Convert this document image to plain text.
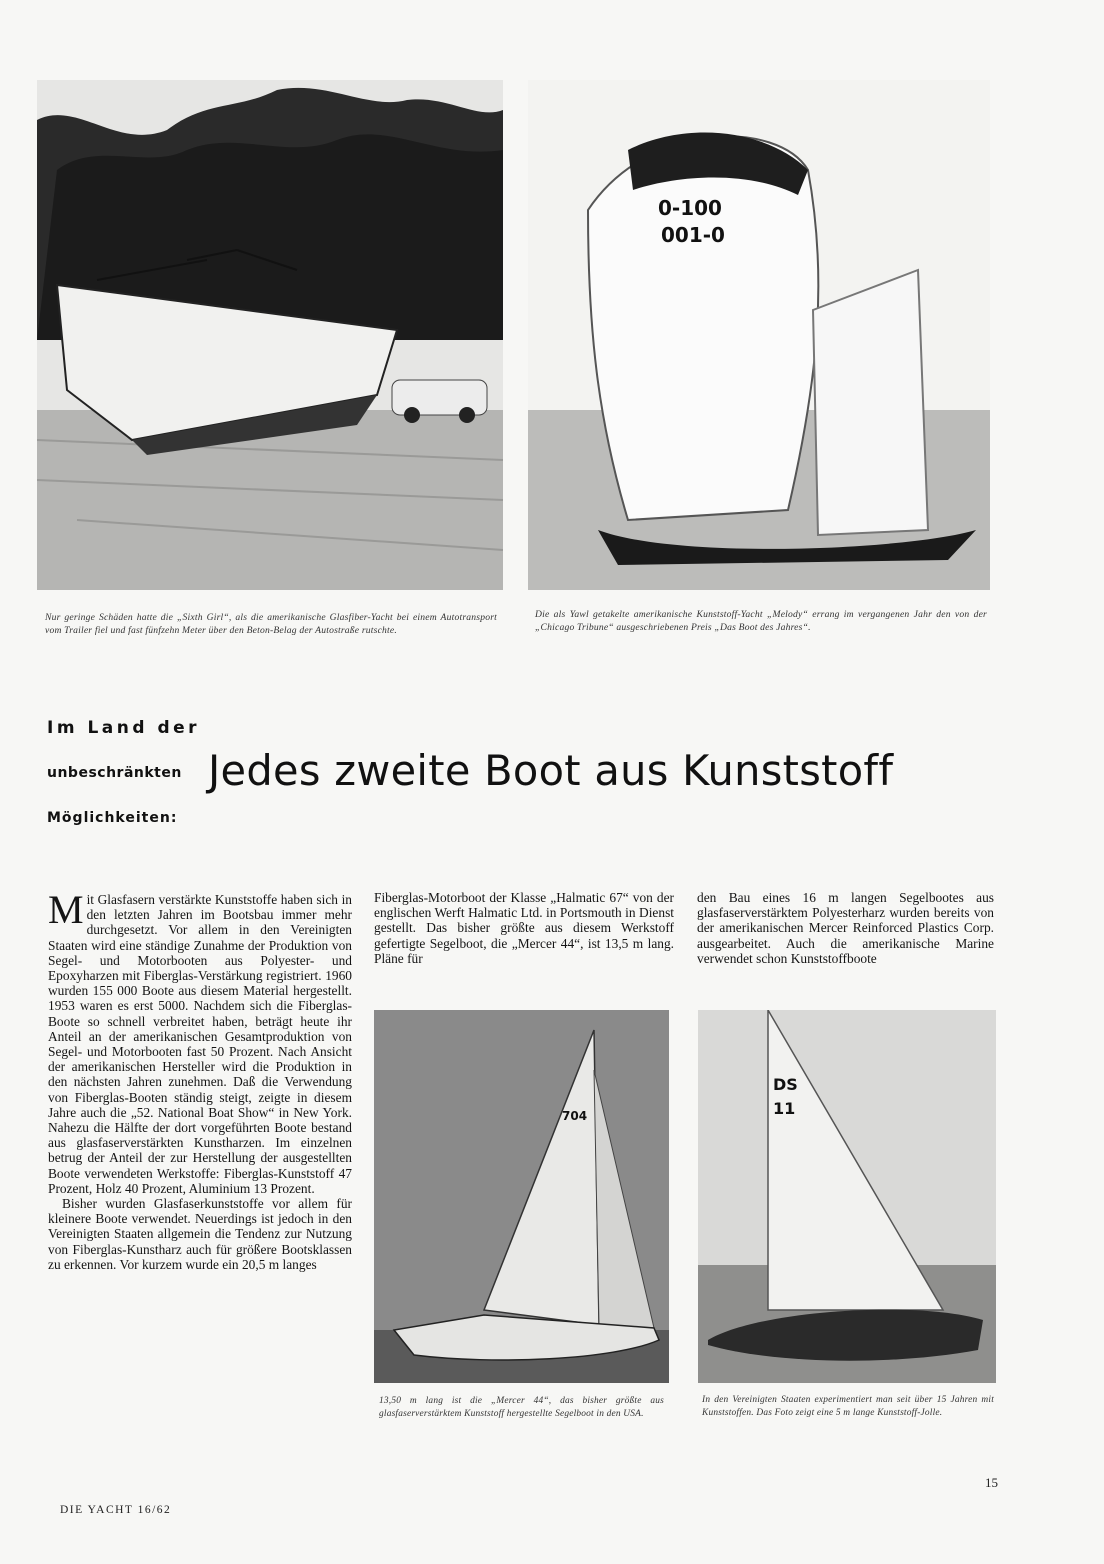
0-100
001-0
Nur geringe Schäden hatte die „Sixth Girl“, als die amerikanische Glasfiber-Yacht bei einem Autotransport vom Trailer fiel und fast fünfzehn Meter über den Beton-Belag der Autostraße rutschte.
Die als Yawl getakelte amerikanische Kunststoff-Yacht „Melody“ errang im vergangenen Jahr den von der „Chicago Tribune“ ausgeschriebenen Preis „Das Boot des Jahres“.
Im Land der
unbeschränkten
Möglichkeiten:
Jedes zweite Boot aus Kunststoff

Mit Glasfasern verstärkte Kunststoffe haben sich in den letzten Jahren im Bootsbau immer mehr durchgesetzt. Vor allem in den Vereinigten Staaten wird eine ständige Zunahme der Produktion von Segel- und Motorbooten aus Polyester- und Epoxyharzen mit Fiberglas-Verstärkung registriert. 1960 wurden 155 000 Boote aus diesem Material hergestellt. 1953 waren es erst 5000. Nachdem sich die Fiberglas-Boote so schnell verbreitet haben, beträgt heute ihr Anteil an der amerikanischen Gesamtproduktion von Segel- und Motorbooten fast 50 Prozent. Nach Ansicht der amerikanischen Hersteller wird die Produktion in den nächsten Jahren zunehmen. Daß die Verwendung von Fiberglas-Booten ständig steigt, zeigte in diesem Jahre auch die „52. National Boat Show“ in New York. Nahezu die Hälfte der dort vorgeführten Boote bestand aus glasfaserverstärkten Kunstharzen. Im einzelnen betrug der Anteil der zur Herstellung der ausgestellten Boote verwendeten Werkstoffe: Fiberglas-Kunststoff 47 Prozent, Holz 40 Prozent, Aluminium 13 Prozent.

Bisher wurden Glasfaserkunststoffe vor allem für kleinere Boote verwendet. Neuerdings ist jedoch in den Vereinigten Staaten allgemein die Tendenz zur Nutzung von Fiberglas-Kunstharz auch für größere Bootsklassen zu erkennen. Vor kurzem wurde ein 20,5 m langes

Fiberglas-Motorboot der Klasse „Halmatic 67“ von der englischen Werft Halmatic Ltd. in Portsmouth in Dienst gestellt. Das bisher größte aus diesem Werkstoff gefertigte Segelboot, die „Mercer 44“, ist 13,5 m lang. Pläne für
den Bau eines 16 m langen Segelbootes aus glasfaserverstärktem Polyesterharz wurden bereits von der amerikanischen Mercer Reinforced Plastics Corp. ausgearbeitet. Auch die amerikanische Marine verwendet schon Kunststoffboote
704
DS
11
13,50 m lang ist die „Mercer 44“, das bisher größte aus glasfaserverstärktem Kunststoff hergestellte Segelboot in den USA.
In den Vereinigten Staaten experimentiert man seit über 15 Jahren mit Kunststoffen. Das Foto zeigt eine 5 m lange Kunststoff-Jolle.
DIE YACHT 16/62
15
